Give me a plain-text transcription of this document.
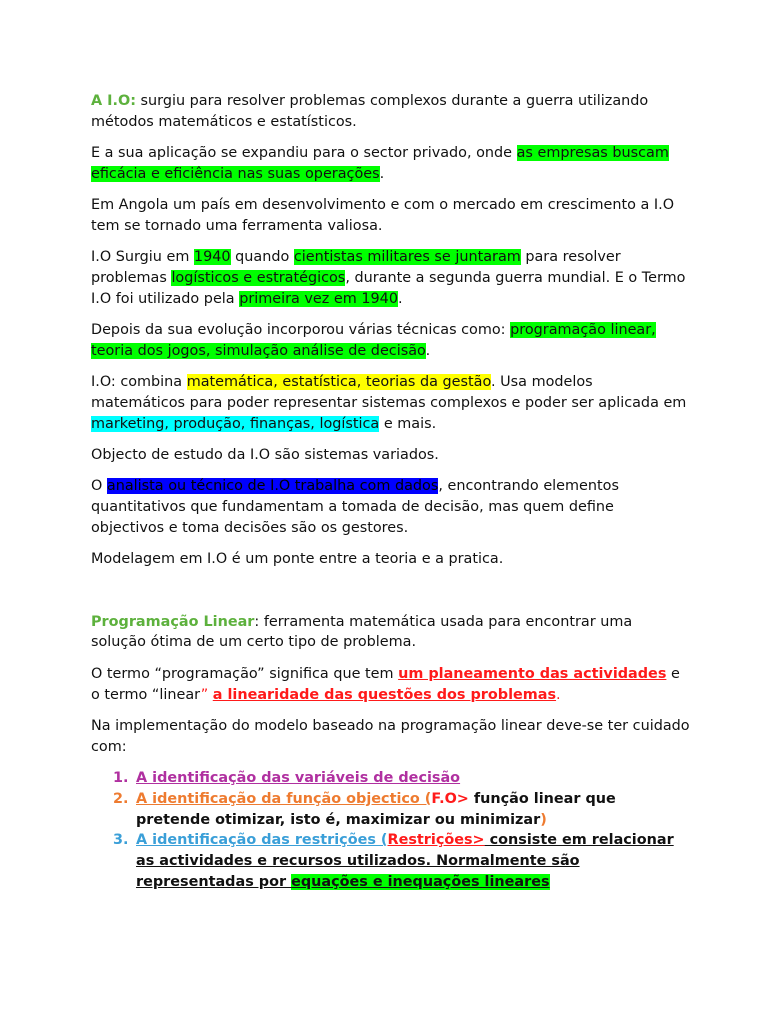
A I.O: surgiu para resolver problemas complexos durante a guerra utilizando métodos matemáticos e estatísticos.

E a sua aplicação se expandiu para o sector privado, onde as empresas buscam eficácia e eficiência nas suas operações.

Em Angola um país em desenvolvimento e com o mercado em crescimento a I.O tem se tornado uma ferramenta valiosa.

I.O Surgiu em 1940 quando cientistas militares se juntaram para resolver problemas logísticos e estratégicos, durante a segunda guerra mundial. E o Termo I.O foi utilizado pela primeira vez em 1940.

Depois da sua evolução incorporou várias técnicas como: programação linear, teoria dos jogos, simulação análise de decisão.

I.O: combina matemática, estatística, teorias da gestão. Usa modelos matemáticos para poder representar sistemas complexos e poder ser aplicada em marketing, produção, finanças, logística e mais.

Objecto de estudo da I.O são sistemas variados.

O analista ou técnico de I.O trabalha com dados, encontrando elementos quantitativos que fundamentam a tomada de decisão, mas quem define objectivos e toma decisões são os gestores.

Modelagem em I.O é um ponte entre a teoria e a pratica.

Programação Linear: ferramenta matemática usada para encontrar uma solução ótima de um certo tipo de problema.

O termo “programação” significa que tem um planeamento das actividades e o termo “linear” a linearidade das questões dos problemas.

Na implementação do modelo baseado na programação linear deve-se ter cuidado com:

1. A identificação das variáveis de decisão
2. A identificação da função objectico (F.O> função linear que pretende otimizar, isto é, maximizar ou minimizar)
3. A identificação das restrições (Restrições> consiste em relacionar as actividades e recursos utilizados. Normalmente são representadas por equações e inequações lineares
